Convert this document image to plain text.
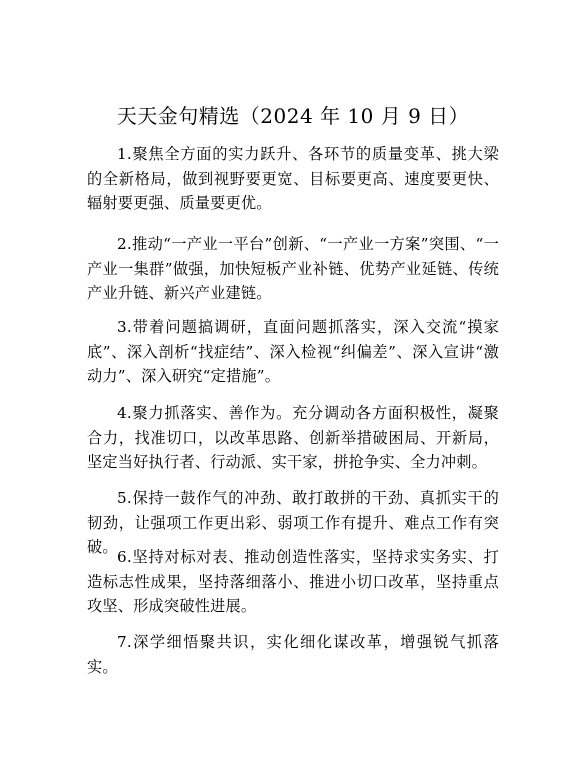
天天金句精选（2024 年 10 月 9 日）
1.聚焦全方面的实力跃升、各环节的质量变革、挑大梁的全新格局，做到视野要更宽、目标要更高、速度要更快、辐射要更强、质量要更优。
2.推动“一产业一平台”创新、“一产业一方案”突围、“一产业一集群”做强，加快短板产业补链、优势产业延链、传统产业升链、新兴产业建链。
3.带着问题搞调研，直面问题抓落实，深入交流“摸家底”、深入剖析“找症结”、深入检视“纠偏差”、深入宣讲“激动力”、深入研究“定措施”。
4.聚力抓落实、善作为。充分调动各方面积极性，凝聚合力，找准切口，以改革思路、创新举措破困局、开新局，坚定当好执行者、行动派、实干家，拼抢争实、全力冲刺。
5.保持一鼓作气的冲劲、敢打敢拼的干劲、真抓实干的韧劲，让强项工作更出彩、弱项工作有提升、难点工作有突破。
6.坚持对标对表、推动创造性落实，坚持求实务实、打造标志性成果，坚持落细落小、推进小切口改革，坚持重点攻坚、形成突破性进展。
7.深学细悟聚共识，实化细化谋改革，增强锐气抓落实。
